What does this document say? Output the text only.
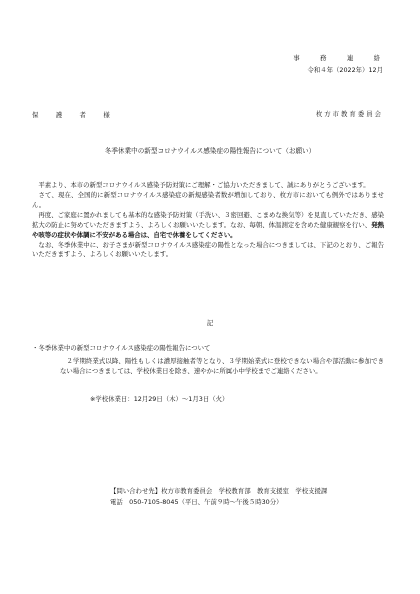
事　務　連　絡
令和４年（2022年）12月
保　護　者　様	枚方市教育委員会
冬季休業中の新型コロナウイルス感染症の陽性報告について（お願い）

　平素より、本市の新型コロナウイルス感染予防対策にご理解・ご協力いただきまして、誠にありがとうございます。

　さて、現在、全国的に新型コロナウイルス感染症の新規感染者数が増加しており、枚方市においても例外ではありません。

　再度、ご家庭に置かれましても基本的な感染予防対策（手洗い、３密回避、こまめな換気等）を見直していただき、感染拡大の防止に努めていただきますよう、よろしくお願いいたします。なお、毎朝、体温測定を含めた健康観察を行い、発熱や咳等の症状や体調に不安がある場合は、自宅で休養をしてください。

　なお、冬季休業中に、お子さまが新型コロナウイルス感染症の陽性となった場合につきましては、下記のとおり、ご報告いただきますよう、よろしくお願いいたします。

記
・冬季休業中の新型コロナウイルス感染症の陽性報告について

　２学期終業式以降、陽性もしくは濃厚接触者等となり、３学期始業式に登校できない場合や部活動に参加できない場合につきましては、学校休業日を除き、速やかに所属小中学校までご連絡ください。

※学校休業日：12月29日（木）～1月3日（火）
【問い合わせ先】枚方市教育委員会　学校教育部　教育支援室　学校支援課
電話　 050-7105-8045（平日、午前９時～午後５時30分）
